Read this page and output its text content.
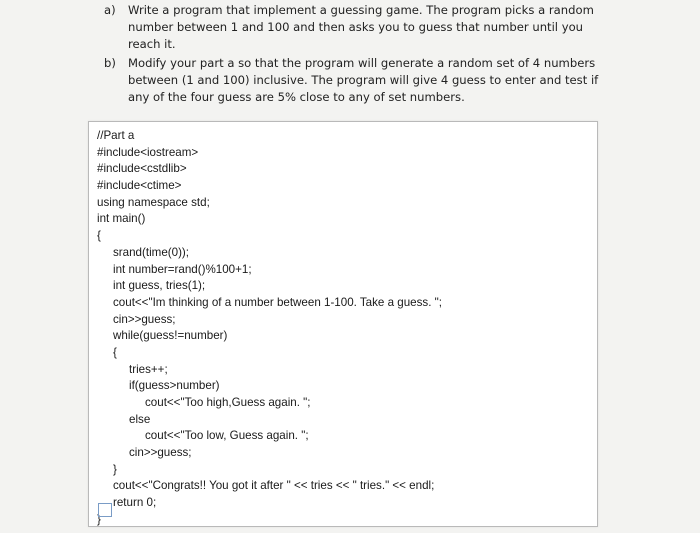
a)	Write a program that implement a guessing game. The program picks a random number between 1 and 100 and then asks you to guess that number until you reach it.
b)	Modify your part a so that the program will generate a random set of 4 numbers between (1 and 100) inclusive. The program will give 4 guess to enter and test if any of the four guess are 5% close to any of set numbers.
//Part a
#include<iostream>
#include<cstdlib>
#include<ctime>
using namespace std;
int main()
{
srand(time(0));
int number=rand()%100+1;
int guess, tries(1);
cout<<"Im thinking of a number between 1-100. Take a guess. ";
cin>>guess;
while(guess!=number)
{
tries++;
if(guess>number)
cout<<"Too high,Guess again. ";
else
cout<<"Too low, Guess again. ";
cin>>guess;
}
cout<<"Congrats!! You got it after " << tries << " tries." << endl;
return 0;
}
